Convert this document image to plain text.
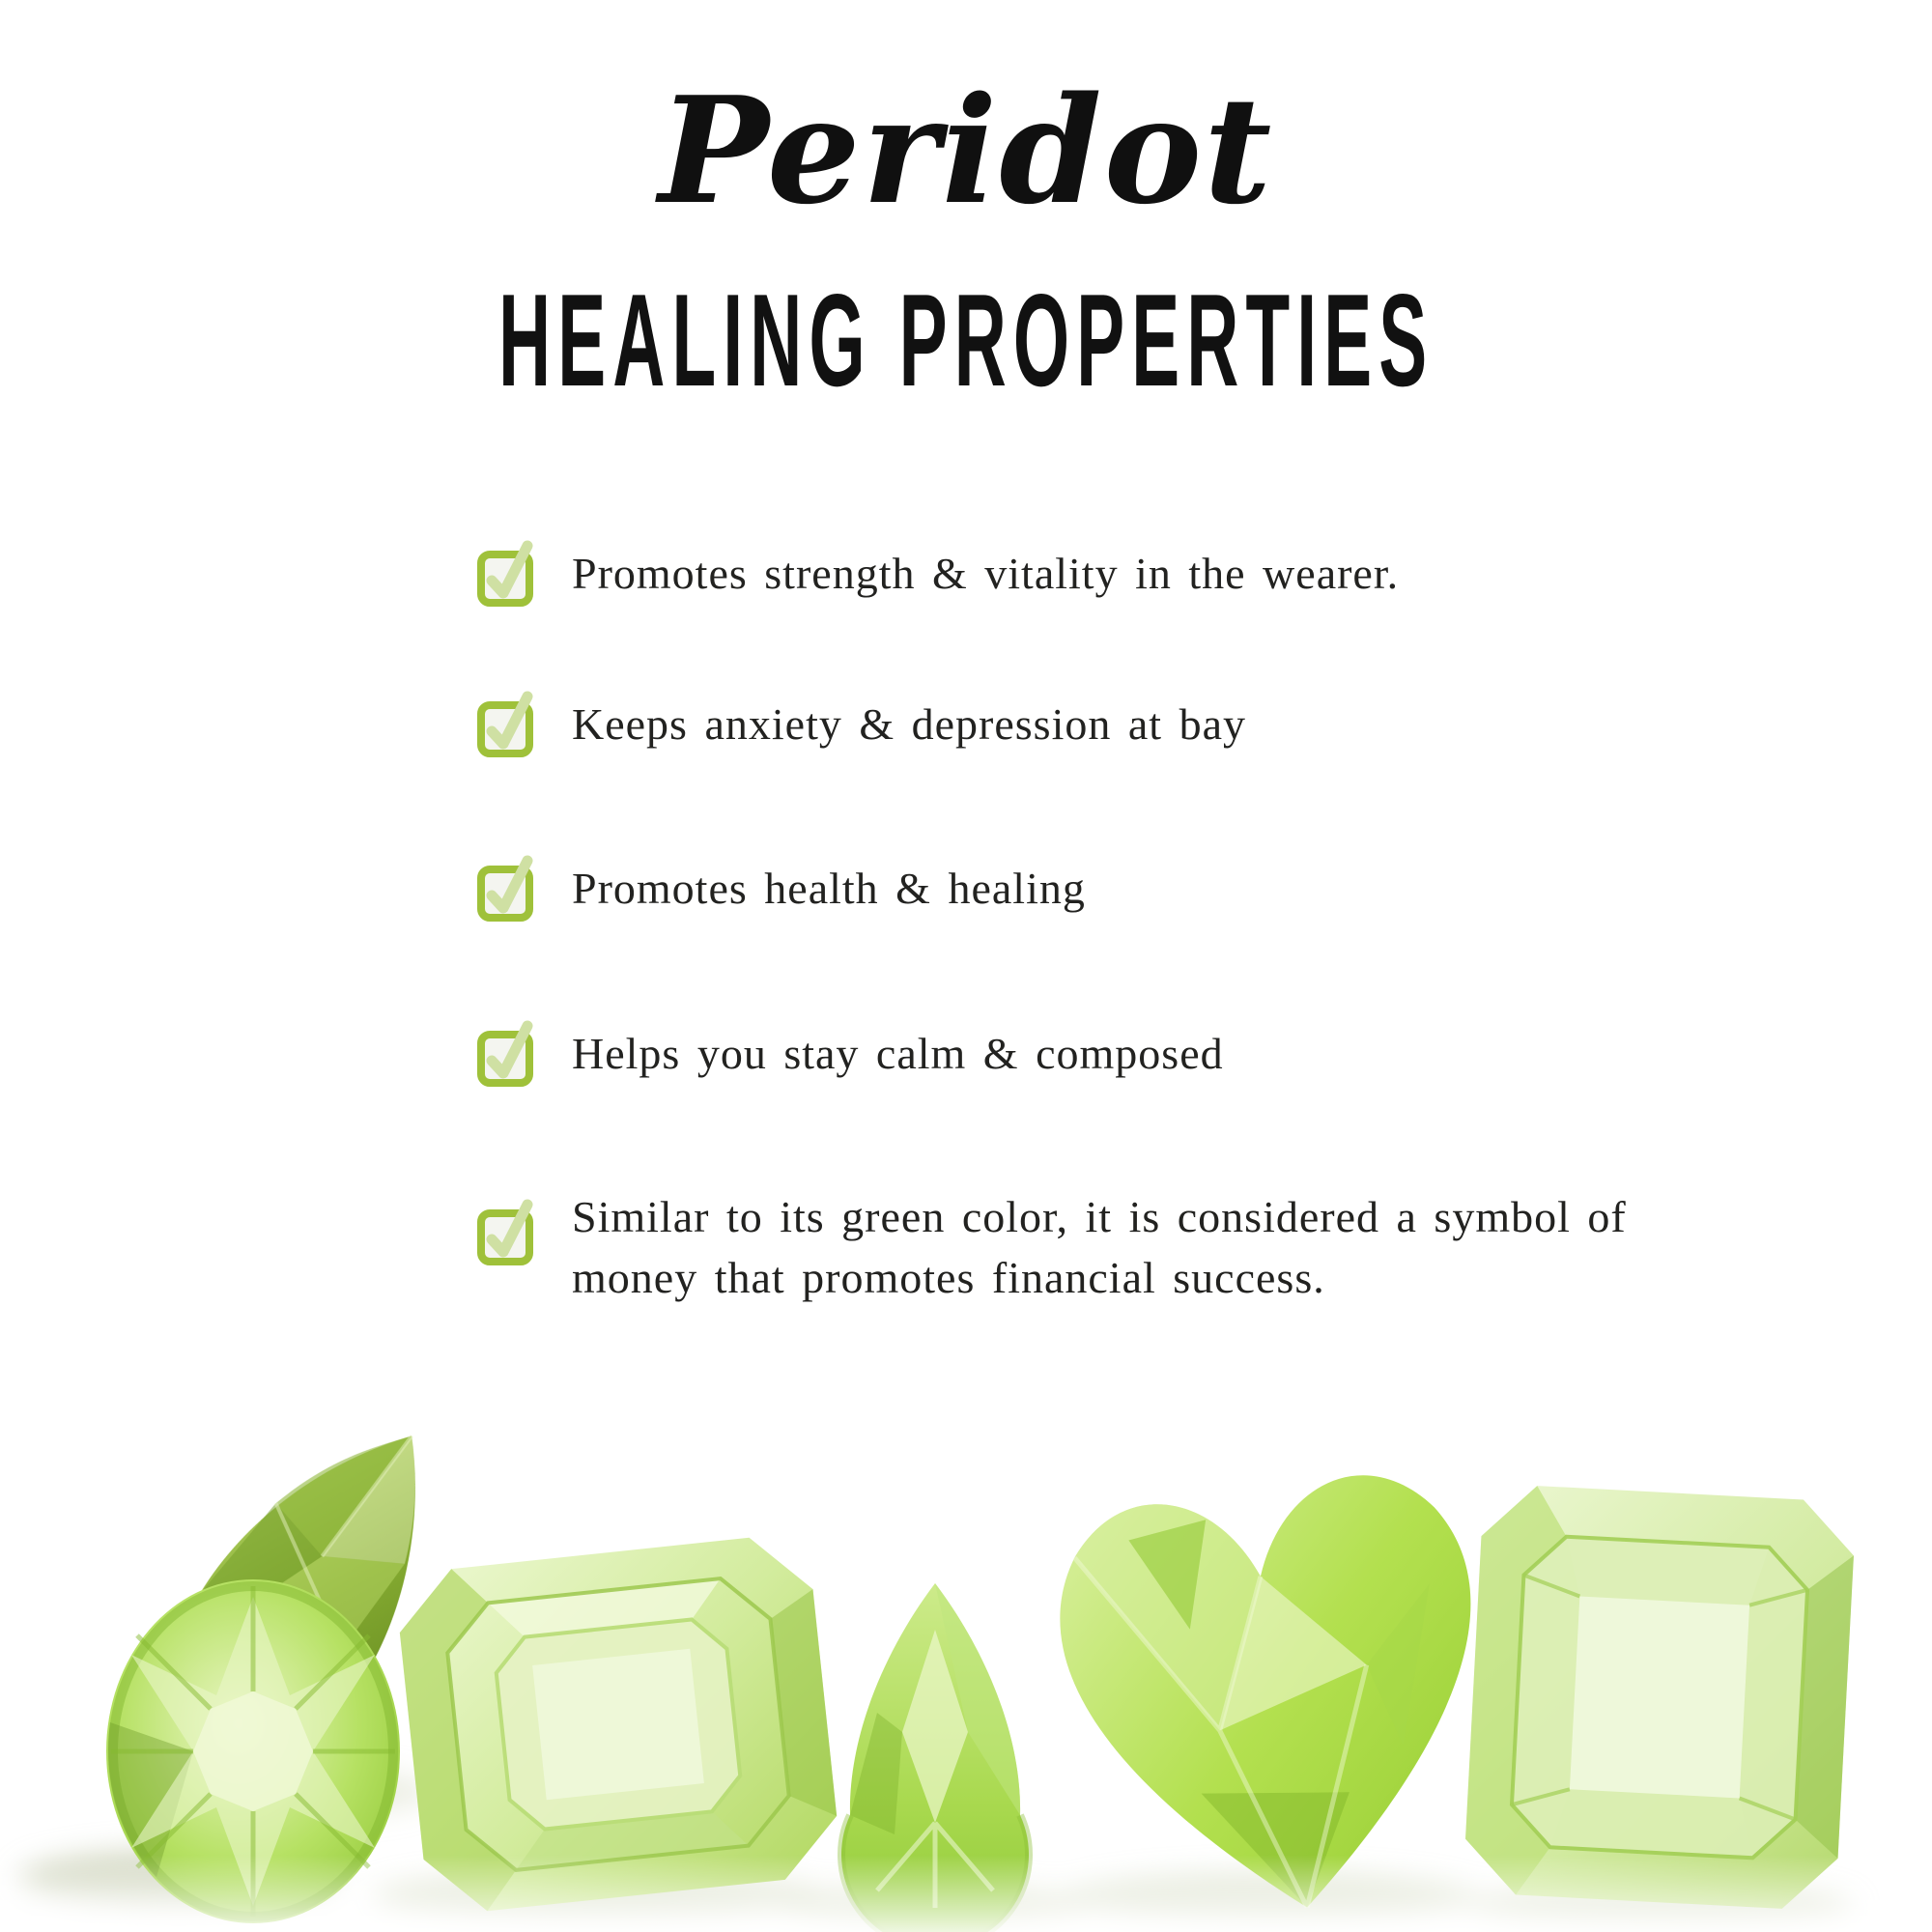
Peridot
HEALING PROPERTIES

Promotes strength & vitality in the wearer.

Keeps anxiety & depression at bay

Promotes health & healing

Helps you stay calm & composed

Similar to its green color, it is considered a symbol of money that promotes financial success.
